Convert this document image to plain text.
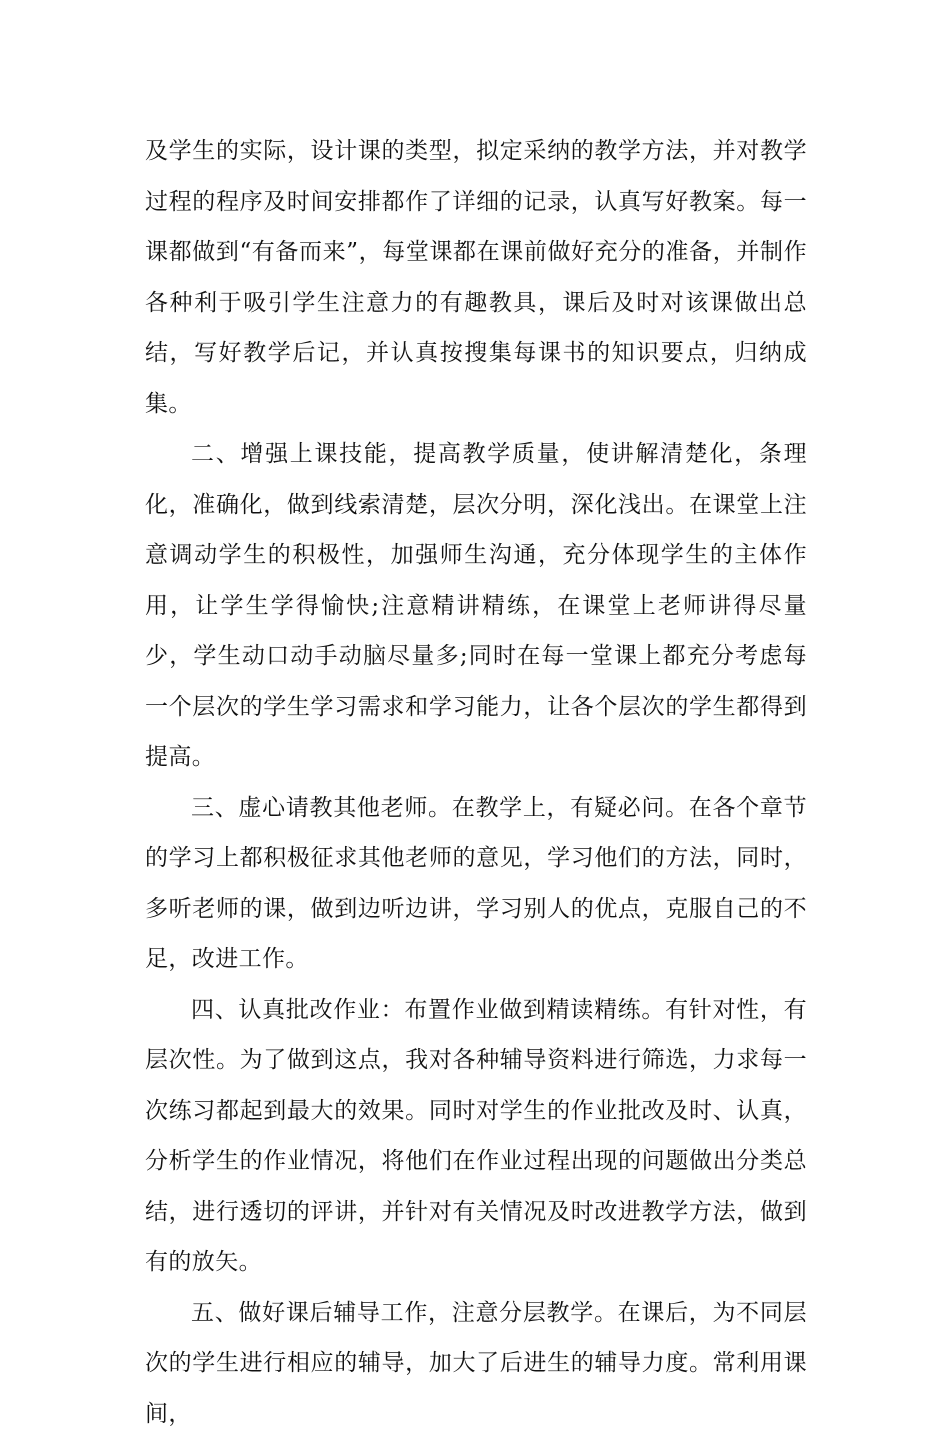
及学生的实际，设计课的类型，拟定采纳的教学方法，并对教学过程的程序及时间安排都作了详细的记录，认真写好教案。每一课都做到“有备而来”，每堂课都在课前做好充分的准备，并制作各种利于吸引学生注意力的有趣教具，课后及时对该课做出总结，写好教学后记，并认真按搜集每课书的知识要点，归纳成集。

二、增强上课技能，提高教学质量，使讲解清楚化，条理化，准确化，做到线索清楚，层次分明，深化浅出。在课堂上注意调动学生的积极性，加强师生沟通，充分体现学生的主体作用，让学生学得愉快;注意精讲精练，在课堂上老师讲得尽量少，学生动口动手动脑尽量多;同时在每一堂课上都充分考虑每一个层次的学生学习需求和学习能力，让各个层次的学生都得到提高。

三、虚心请教其他老师。在教学上，有疑必问。在各个章节的学习上都积极征求其他老师的意见，学习他们的方法，同时，多听老师的课，做到边听边讲，学习别人的优点，克服自己的不足，改进工作。

四、认真批改作业：布置作业做到精读精练。有针对性，有层次性。为了做到这点，我对各种辅导资料进行筛选，力求每一次练习都起到最大的效果。同时对学生的作业批改及时、认真，分析学生的作业情况，将他们在作业过程出现的问题做出分类总结，进行透切的评讲，并针对有关情况及时改进教学方法，做到有的放矢。

五、做好课后辅导工作，注意分层教学。在课后，为不同层次的学生进行相应的辅导，加大了后进生的辅导力度。常利用课间，
